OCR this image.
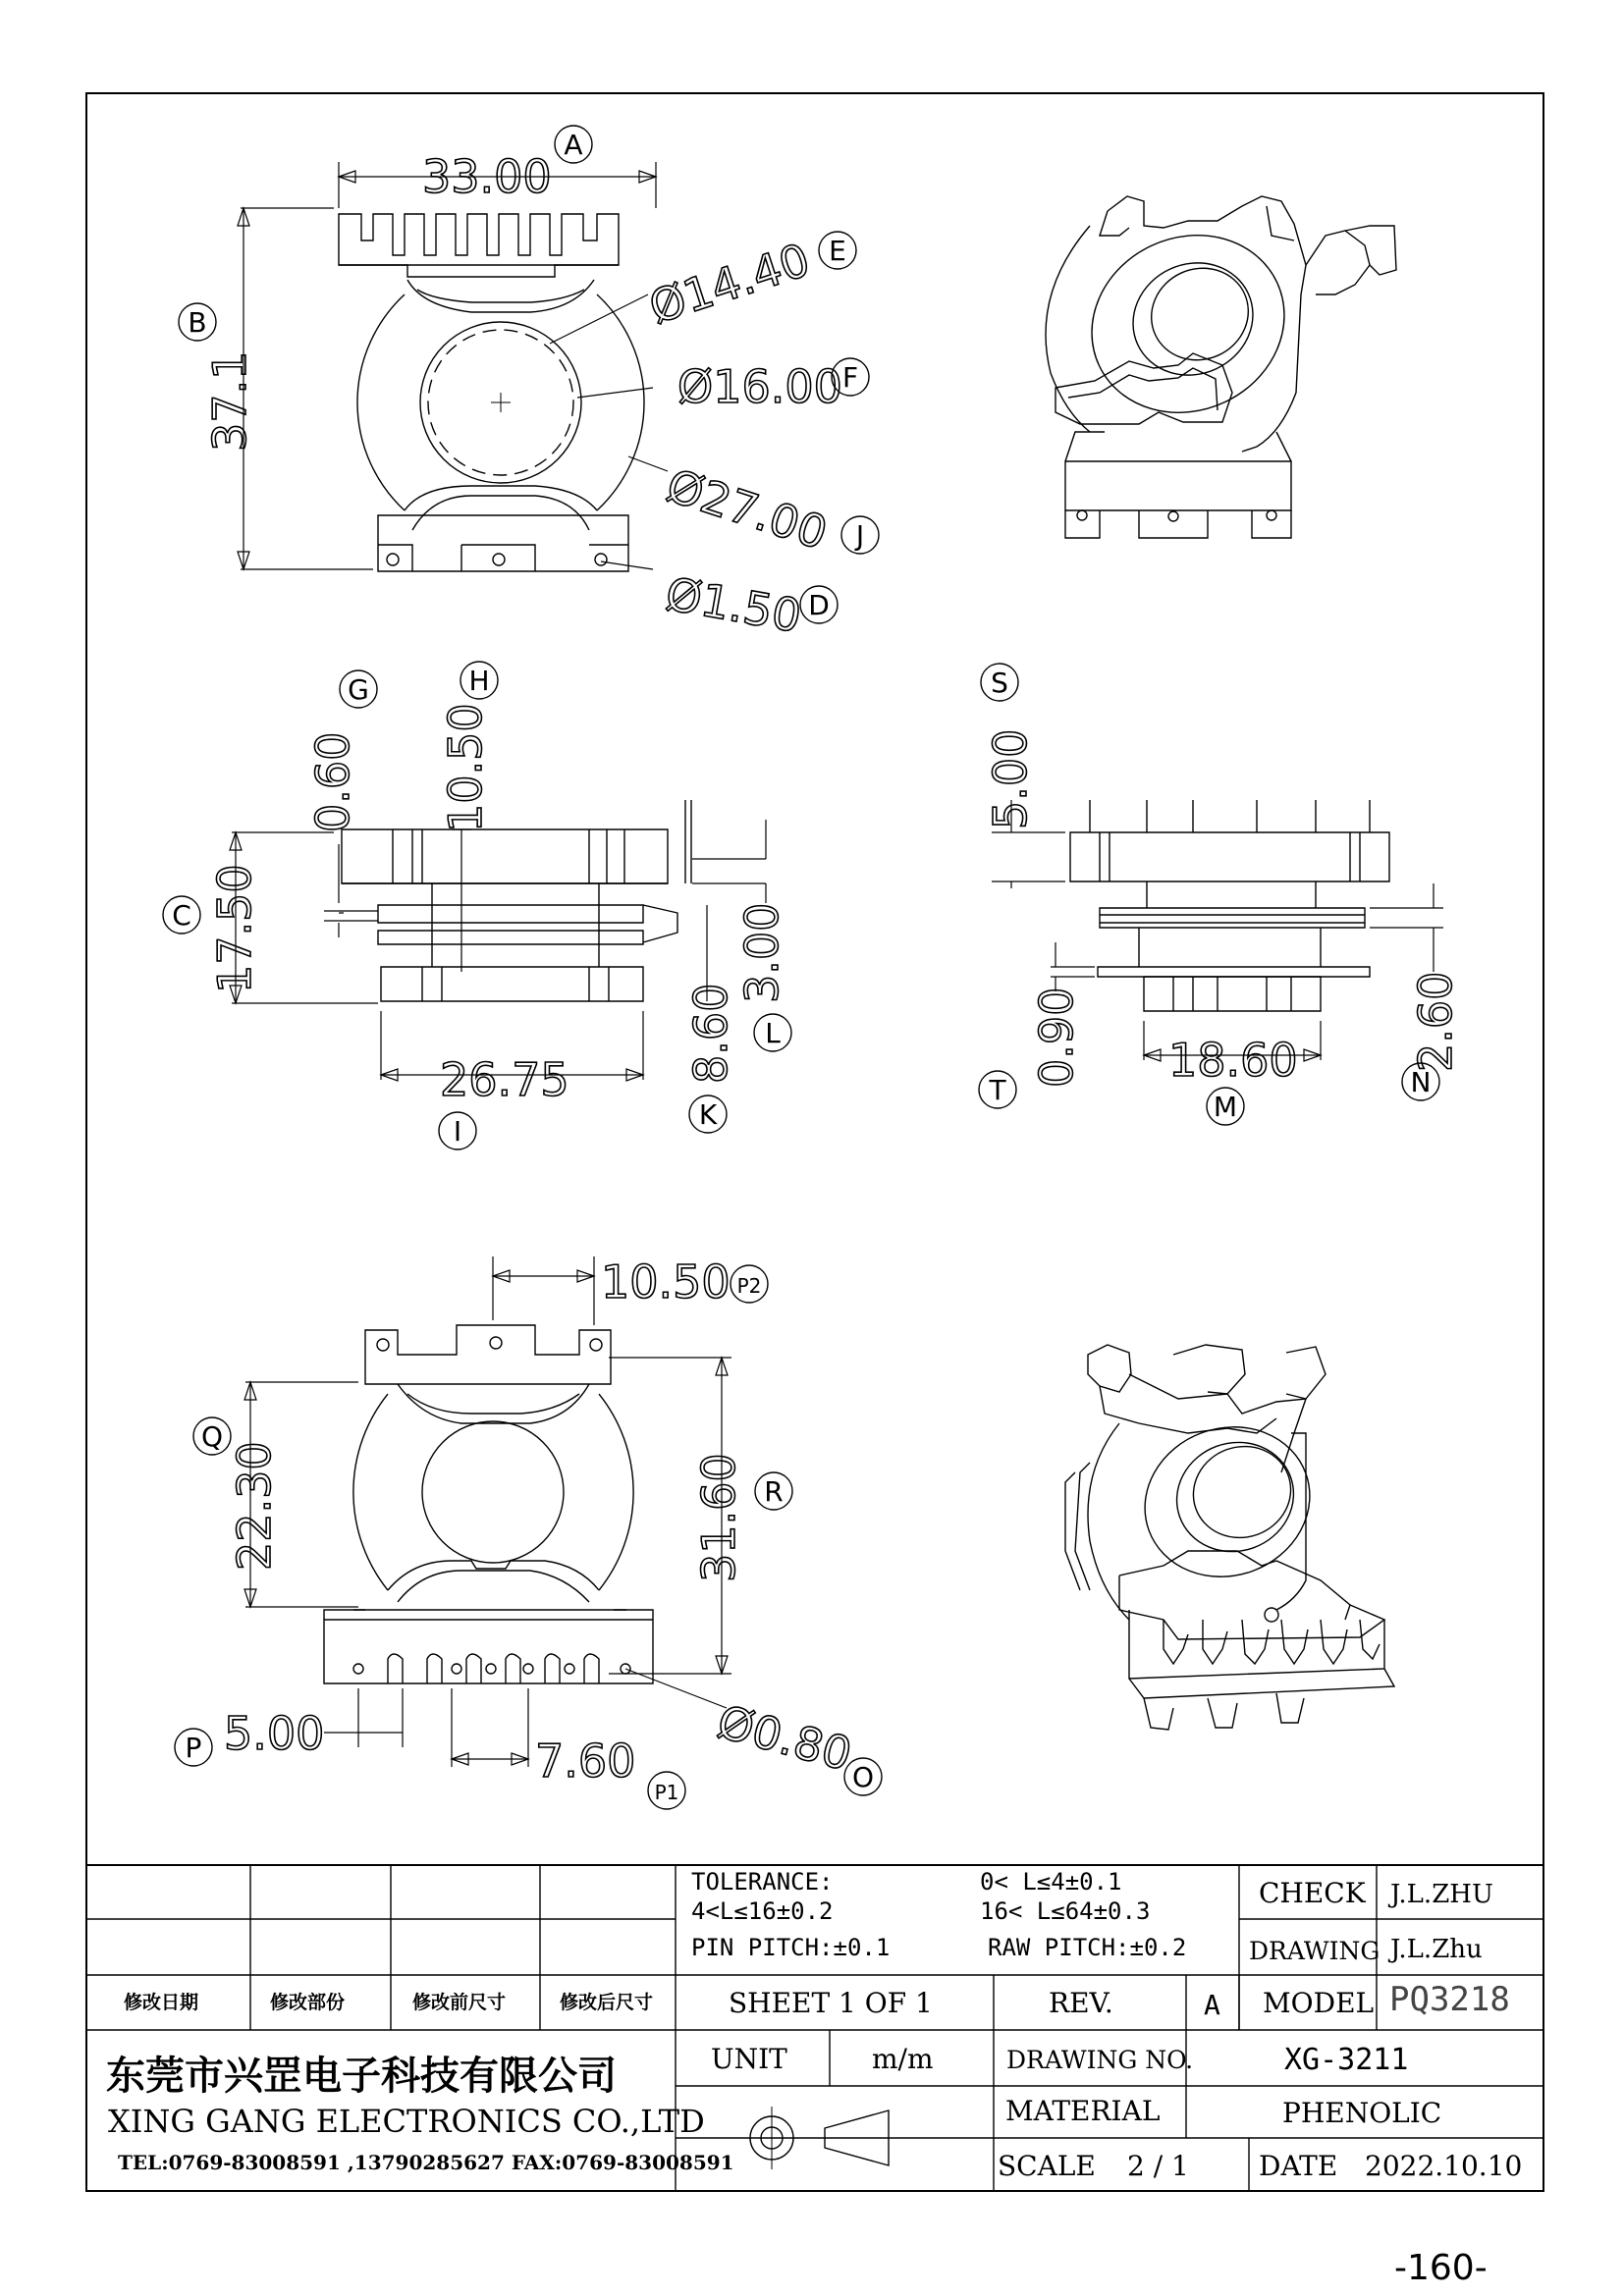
33.00
37.1
Ø14.40
Ø16.00
Ø27.00
Ø1.50
A
B
E
F
J
D
0.60 10.50
17.50
26.75
3.00
8.60
G	H
C
I
L
K
5.00
0.90 18.60 2.60
S
T
M
N
10.50
22.30	31.60
5.00
7.60 Ø0.80
P2
Q
R
P
P1	O
修改日期	修改部份	修改前尺寸	修改后尺寸
TOLERANCE:	0< L≤4±0.1
4<L≤16±0.2	16< L≤64±0.3
PIN PITCH:±0.1	RAW PITCH:±0.2
CHECK J.L.ZHU
DRAWING J.L.Zhu
SHEET 1 OF 1	REV.	A MODEL PQ3218
东莞市兴罡电子科技有限公司
XING GANG ELECTRONICS CO.,LTD
TEL:0769-83008591 ,13790285627 FAX:0769-83008591
UNIT	m/m	DRAWING NO.	XG-3211
MATERIAL	PHENOLIC
SCALE 2 / 1	DATE 2022.10.10
-160-
